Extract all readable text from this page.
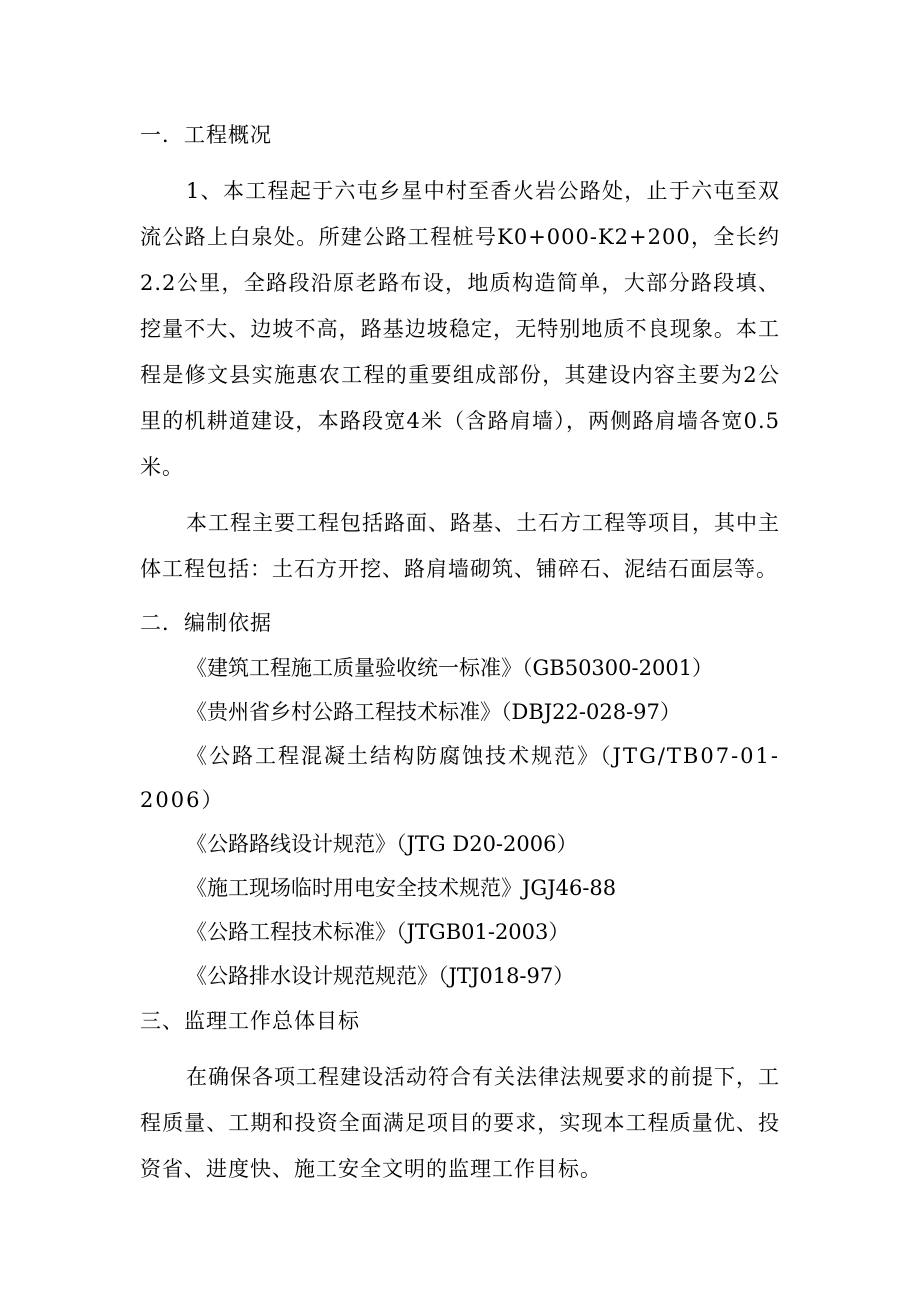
一．工程概况
1、本工程起于六屯乡星中村至香火岩公路处，止于六屯至双流公路上白泉处。所建公路工程桩号K0+000-K2+200，全长约2.2公里，全路段沿原老路布设，地质构造简单，大部分路段填、挖量不大、边坡不高，路基边坡稳定，无特别地质不良现象。本工程是修文县实施惠农工程的重要组成部份，其建设内容主要为2公里的机耕道建设，本路段宽4米（含路肩墙），两侧路肩墙各宽0.5米。
本工程主要工程包括路面、路基、土石方工程等项目，其中主体工程包括：土石方开挖、路肩墙砌筑、铺碎石、泥结石面层等。
二．编制依据
《建筑工程施工质量验收统一标准》（GB50300-2001）
《贵州省乡村公路工程技术标准》（DBJ22-028-97）
《公路工程混凝土结构防腐蚀技术规范》（JTG/TB07-01-2006）
《公路路线设计规范》（JTG D20-2006）
《施工现场临时用电安全技术规范》JGJ46-88
《公路工程技术标准》（JTGB01-2003）
《公路排水设计规范规范》（JTJ018-97）
三、监理工作总体目标
在确保各项工程建设活动符合有关法律法规要求的前提下，工程质量、工期和投资全面满足项目的要求，实现本工程质量优、投资省、进度快、施工安全文明的监理工作目标。
